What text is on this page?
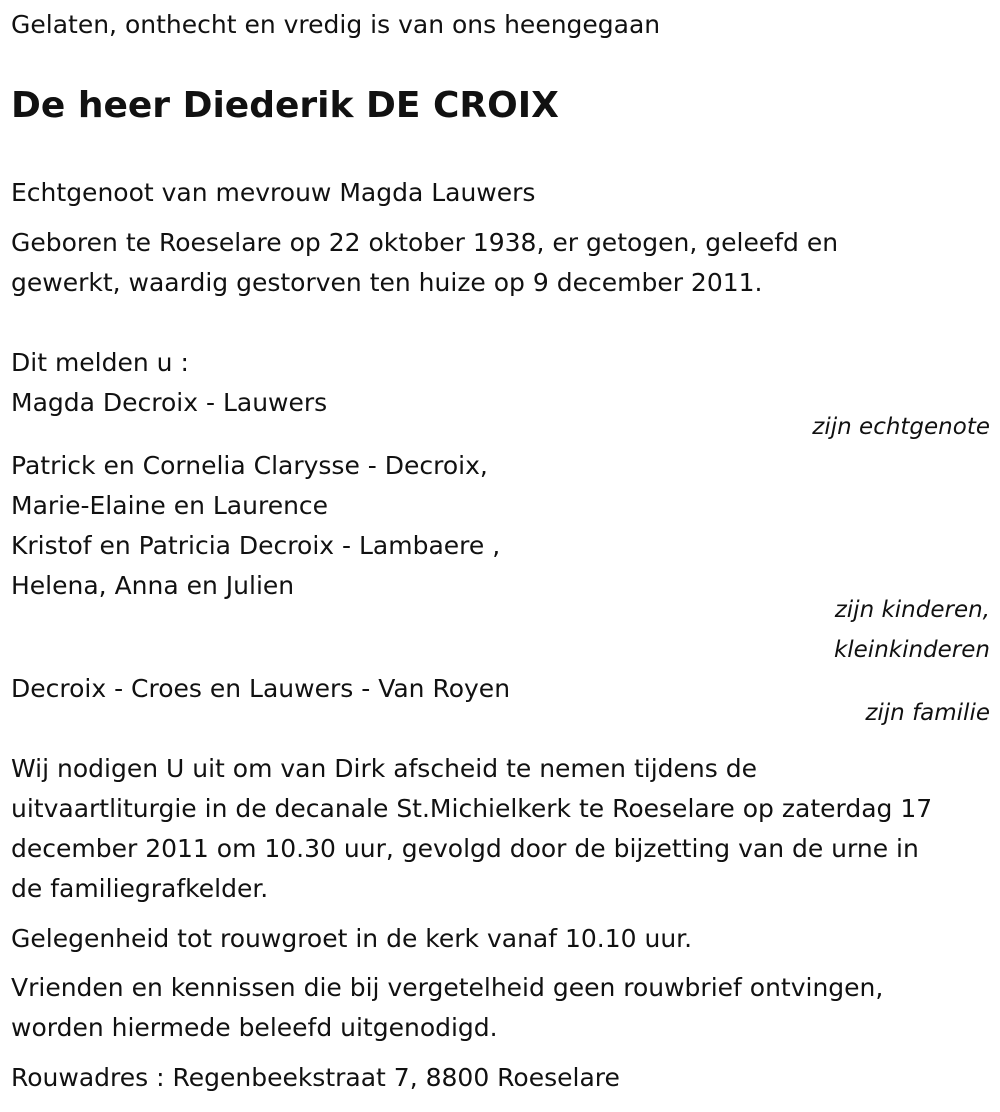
Gelaten, onthecht en vredig is van ons heengegaan

De heer Diederik DE CROIX

Echtgenoot van mevrouw Magda Lauwers

Geboren te Roeselare op 22 oktober 1938, er getogen, geleefd en

gewerkt, waardig gestorven ten huize op 9 december 2011.

Dit melden u :

Magda Decroix - Lauwers

zijn echtgenote

Patrick en Cornelia Clarysse - Decroix,

Marie-Elaine en Laurence

Kristof en Patricia Decroix - Lambaere ,

Helena, Anna en Julien

zijn kinderen,

kleinkinderen

Decroix - Croes en Lauwers - Van Royen

zijn familie

Wij nodigen U uit om van Dirk afscheid te nemen tijdens de

uitvaartliturgie in de decanale St.Michielkerk te Roeselare op zaterdag 17

december 2011 om 10.30 uur, gevolgd door de bijzetting van de urne in

de familiegrafkelder.

Gelegenheid tot rouwgroet in de kerk vanaf 10.10 uur.

Vrienden en kennissen die bij vergetelheid geen rouwbrief ontvingen,

worden hiermede beleefd uitgenodigd.

Rouwadres : Regenbeekstraat 7, 8800 Roeselare
